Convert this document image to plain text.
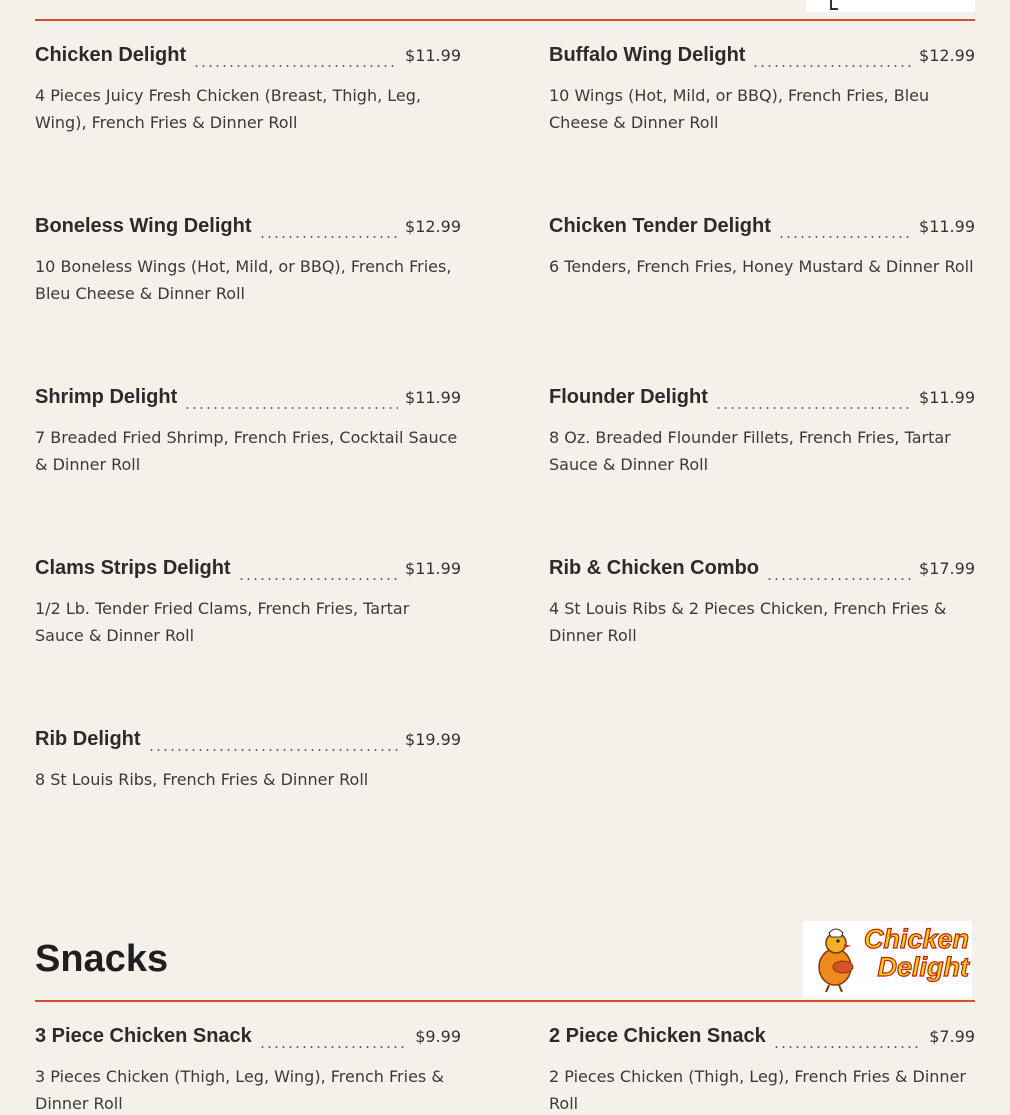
Chicken Delight	$11.99
4 Pieces Juicy Fresh Chicken (Breast, Thigh, Leg, Wing), French Fries & Dinner Roll
Buffalo Wing Delight	$12.99
10 Wings (Hot, Mild, or BBQ), French Fries, Bleu Cheese & Dinner Roll
Boneless Wing Delight	$12.99
10 Boneless Wings (Hot, Mild, or BBQ), French Fries, Bleu Cheese & Dinner Roll
Chicken Tender Delight	$11.99
6 Tenders, French Fries, Honey Mustard & Dinner Roll
Shrimp Delight	$11.99
7 Breaded Fried Shrimp, French Fries, Cocktail Sauce & Dinner Roll
Flounder Delight	$11.99
8 Oz. Breaded Flounder Fillets, French Fries, Tartar Sauce & Dinner Roll
Clams Strips Delight	$11.99
1/2 Lb. Tender Fried Clams, French Fries, Tartar Sauce & Dinner Roll
Rib & Chicken Combo	$17.99
4 St Louis Ribs & 2 Pieces Chicken, French Fries & Dinner Roll
Rib Delight	$19.99
8 St Louis Ribs, French Fries & Dinner Roll
Snacks	Chicken Delight
3 Piece Chicken Snack	$9.99
3 Pieces Chicken (Thigh, Leg, Wing), French Fries & Dinner Roll
2 Piece Chicken Snack	$7.99
2 Pieces Chicken (Thigh, Leg), French Fries & Dinner Roll
